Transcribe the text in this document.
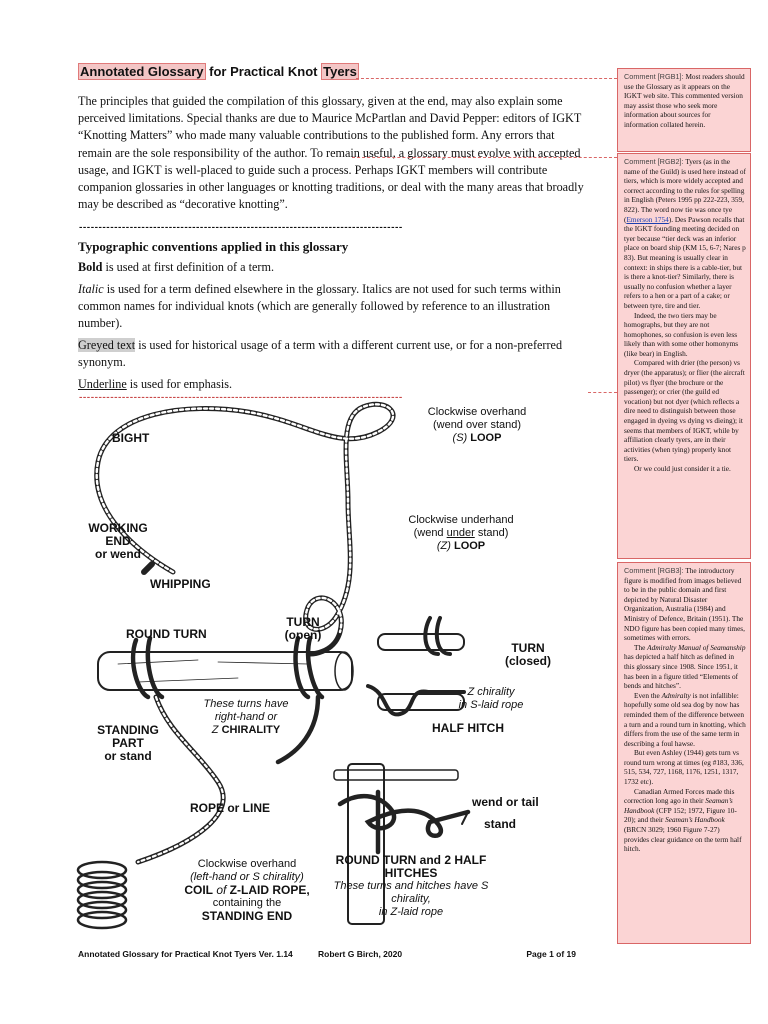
Annotated Glossary for Practical Knot Tyers

The principles that guided the compilation of this glossary, given at the end, may also explain some perceived limitations. Special thanks are due to Maurice McPartlan and David Pepper: editors of IGKT “Knotting Matters” who made many valuable contributions to the published form. Any errors that remain are the sole responsibility of the author. To remain useful, a glossary must evolve with accepted usage, and IGKT is well-placed to guide such a process. Perhaps IGKT members will contribute companion glossaries in other languages or knotting traditions, or deal with the many areas that broadly may be described as “decorative knotting”.

-----------------------------------------------------------------------------------
Typographic conventions applied in this glossary

Bold is used at first definition of a term.

Italic is used for a term defined elsewhere in the glossary. Italics are not used for such terms within common names for individual knots (which are generally followed by reference to an illustration number).

Greyed text is used for historical usage of a term with a different current use, or for a non-preferred synonym.

Underline is used for emphasis.

-----------------------------------------------------------------------------------
BIGHT
Clockwise overhand
(wend over stand)
(S) LOOP
WORKING
END
or wend
WHIPPING
Clockwise underhand
(wend under stand)
(Z) LOOP
ROUND TURN
TURN
(open)
TURN
(closed)
Z chirality
in S-laid rope
HALF HITCH
These turns have
right-hand or
Z CHIRALITY
STANDING
PART
or stand
ROPE or LINE	wend or tail
stand
Clockwise overhand
(left-hand or S chirality)
COIL of Z-LAID ROPE,
containing the
STANDING END
ROUND TURN and 2 HALF HITCHES
These turns and hitches have S chirality,
in Z-laid rope
Annotated Glossary for Practical Knot Tyers Ver. 1.14	Robert G Birch, 2020	Page 1 of 19

Comment [RGB1]: Most readers should use the Glossary as it appears on the IGKT web site. This commented version may assist those who seek more information about sources for information collated herein.

Comment [RGB2]: Tyers (as in the name of the Guild) is used here instead of tiers, which is more widely accepted and correct according to the rules for spelling in English (Peters 1995 pp 222-223, 359, 822). The word now tie was once tye (Emerson 1754). Des Pawson recalls that the IGKT founding meeting decided on tyer because “tier deck was an inferior place on board ship (KM 15, 6-7; Nares p 83). But meaning is usually clear in context: in ships there is a cable-tier, but is there a knot-tier? Similarly, there is usually no confusion whether a layer refers to a hen or a part of a cake; or between tyre, tire and tier.

Indeed, the two tiers may be homographs, but they are not homophones, so confusion is even less likely than with some other homonyms (like bear) in English.

Compared with drier (the person) vs dryer (the apparatus); or flier (the aircraft pilot) vs flyer (the brochure or the passenger); or crier (the guild ed vocation) but not dyer (which reflects a dire need to distinguish between those engaged in dyeing vs dying vs dieing); it seems that members of IGKT, while by affiliation clearly tyers, are in their activities (when tying) properly knot tiers.

Or we could just consider it a tie.

Comment [RGB3]: The introductory figure is modified from images believed to be in the public domain and first depicted by Natural Disaster Organization, Australia (1984) and Ministry of Defence, Britain (1951). The NDO figure has been copied many times, sometimes with errors.

The Admiralty Manual of Seamanship has depicted a half hitch as defined in this glossary since 1908. Since 1951, it has been in a figure titled “Elements of bends and hitches”.

Even the Admiralty is not infallible: hopefully some old sea dog by now has reminded them of the difference between a turn and a round turn in knotting, which differs from the use of the same term in describing a foul hawse.

But even Ashley (1944) gets turn vs round turn wrong at times (eg #183, 336, 515, 534, 727, 1168, 1176, 1251, 1317, 1732 etc).

Canadian Armed Forces made this correction long ago in their Seaman’s Handbook (CFP 152; 1972, Figure 10-20); and their Seaman’s Handbook (BRCN 3029; 1960 Figure 7-27) provides clear guidance on the term half hitch.
